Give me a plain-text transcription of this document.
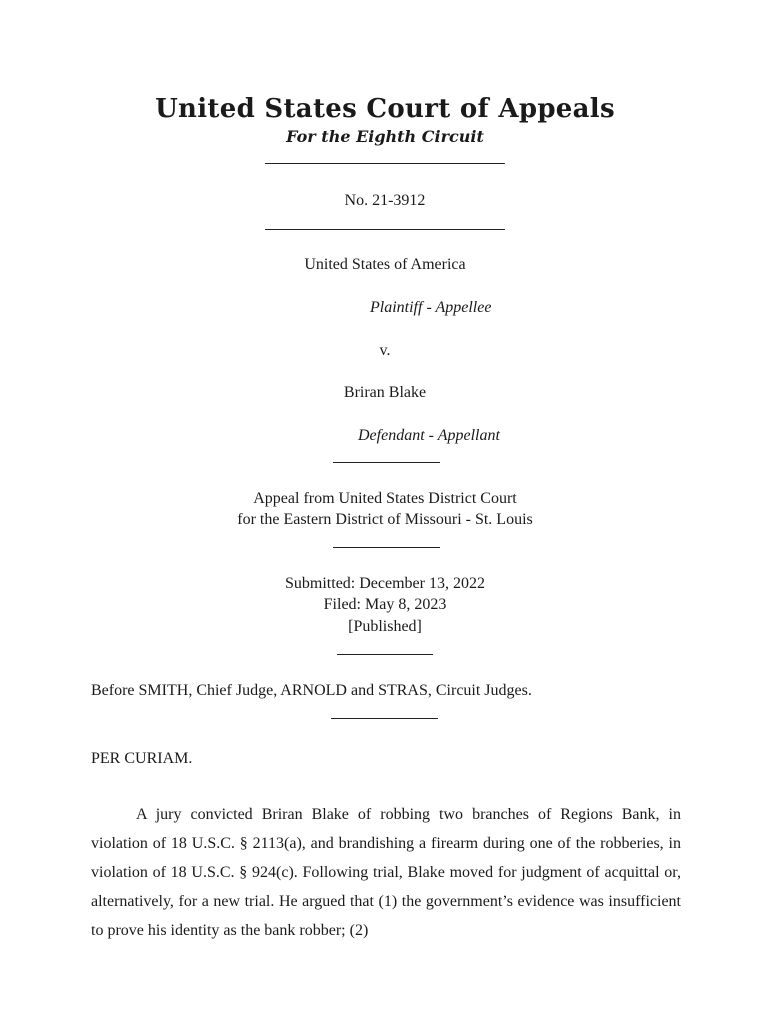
United States Court of Appeals
For the Eighth Circuit
No. 21-3912
United States of America
Plaintiff - Appellee
v.
Briran Blake
Defendant - Appellant
Appeal from United States District Court
for the Eastern District of Missouri - St. Louis
Submitted: December 13, 2022
Filed: May 8, 2023
[Published]
Before SMITH, Chief Judge, ARNOLD and STRAS, Circuit Judges.
PER CURIAM.
A jury convicted Briran Blake of robbing two branches of Regions Bank, in violation of 18 U.S.C. § 2113(a), and brandishing a firearm during one of the robberies, in violation of 18 U.S.C. § 924(c). Following trial, Blake moved for judgment of acquittal or, alternatively, for a new trial. He argued that (1) the government’s evidence was insufficient to prove his identity as the bank robber; (2)
